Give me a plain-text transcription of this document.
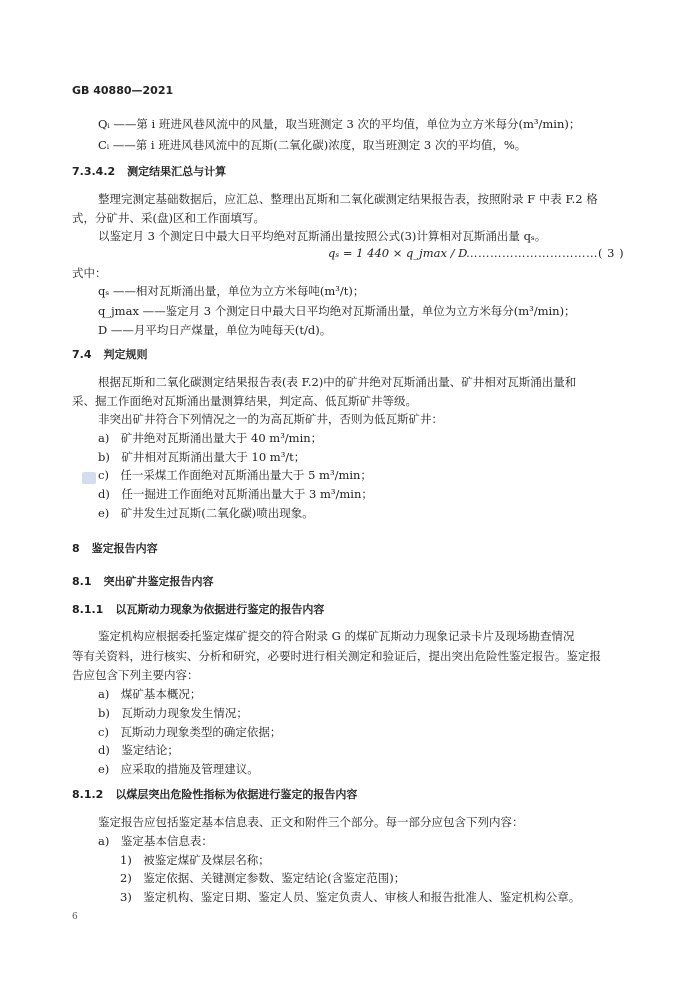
GB 40880—2021
Qᵢ ——第 i 班进风巷风流中的风量，取当班测定 3 次的平均值，单位为立方米每分(m³/min)；
Cᵢ ——第 i 班进风巷风流中的瓦斯(二氧化碳)浓度，取当班测定 3 次的平均值，%。
7.3.4.2 测定结果汇总与计算
整理完测定基础数据后，应汇总、整理出瓦斯和二氧化碳测定结果报告表，按照附录 F 中表 F.2 格
式，分矿井、采(盘)区和工作面填写。
以鉴定月 3 个测定日中最大日平均绝对瓦斯涌出量按照公式(3)计算相对瓦斯涌出量 qₛ。
qₛ = 1 440 × q_jmax / D
……………………………( 3 )
式中：
qₛ ——相对瓦斯涌出量，单位为立方米每吨(m³/t)；
q_jmax ——鉴定月 3 个测定日中最大日平均绝对瓦斯涌出量，单位为立方米每分(m³/min)；
D ——月平均日产煤量，单位为吨每天(t/d)。
7.4 判定规则
根据瓦斯和二氧化碳测定结果报告表(表 F.2)中的矿井绝对瓦斯涌出量、矿井相对瓦斯涌出量和
采、掘工作面绝对瓦斯涌出量测算结果，判定高、低瓦斯矿井等级。
非突出矿井符合下列情况之一的为高瓦斯矿井，否则为低瓦斯矿井：
a)　矿井绝对瓦斯涌出量大于 40 m³/min；
b)　矿井相对瓦斯涌出量大于 10 m³/t；
c)　任一采煤工作面绝对瓦斯涌出量大于 5 m³/min；
d)　任一掘进工作面绝对瓦斯涌出量大于 3 m³/min；
e)　矿井发生过瓦斯(二氧化碳)喷出现象。
8 鉴定报告内容
8.1 突出矿井鉴定报告内容
8.1.1 以瓦斯动力现象为依据进行鉴定的报告内容
鉴定机构应根据委托鉴定煤矿提交的符合附录 G 的煤矿瓦斯动力现象记录卡片及现场勘查情况
等有关资料，进行核实、分析和研究，必要时进行相关测定和验证后，提出突出危险性鉴定报告。鉴定报
告应包含下列主要内容：
a)　煤矿基本概况；
b)　瓦斯动力现象发生情况；
c)　瓦斯动力现象类型的确定依据；
d)　鉴定结论；
e)　应采取的措施及管理建议。
8.1.2 以煤层突出危险性指标为依据进行鉴定的报告内容
鉴定报告应包括鉴定基本信息表、正文和附件三个部分。每一部分应包含下列内容：
a)　鉴定基本信息表：
1)　被鉴定煤矿及煤层名称；
2)　鉴定依据、关键测定参数、鉴定结论(含鉴定范围)；
3)　鉴定机构、鉴定日期、鉴定人员、鉴定负责人、审核人和报告批准人、鉴定机构公章。
6
